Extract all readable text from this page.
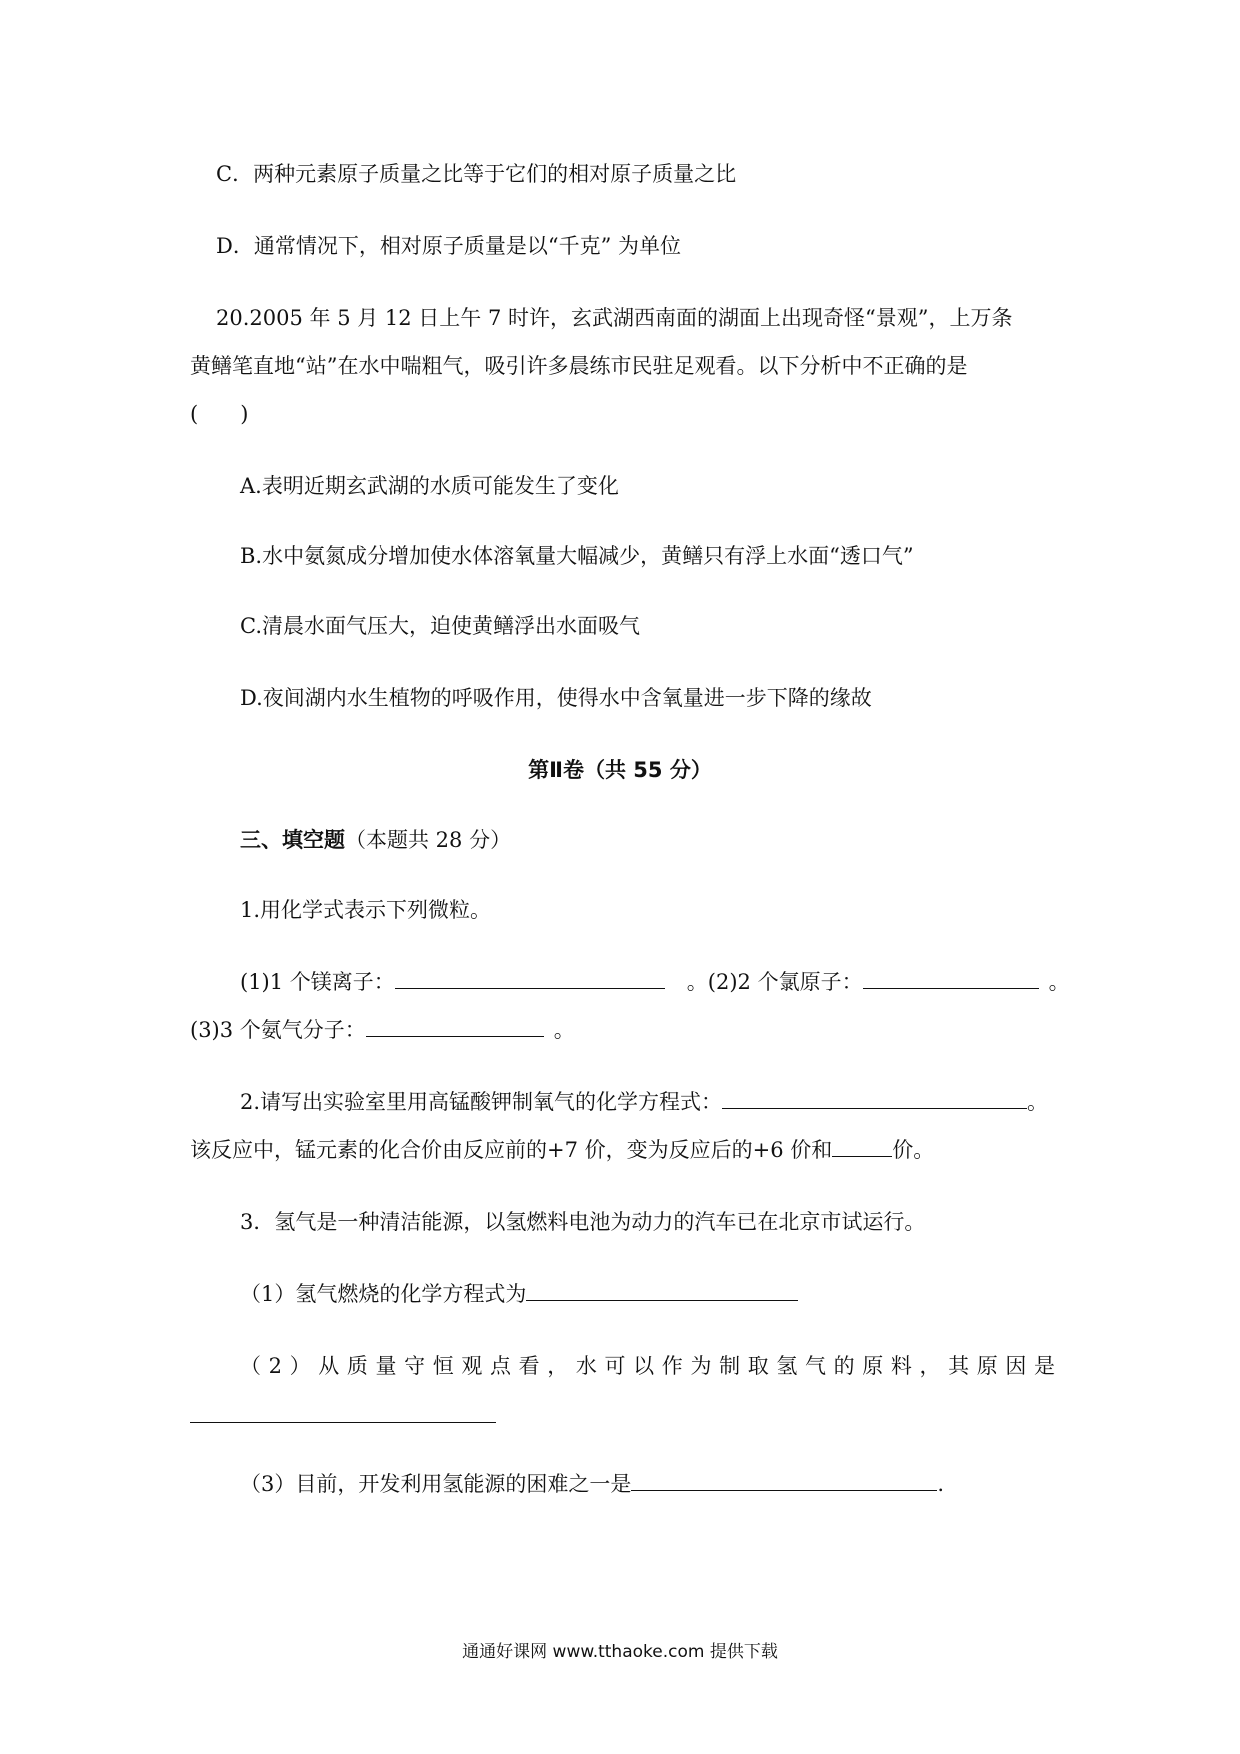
C．两种元素原子质量之比等于它们的相对原子质量之比
D．通常情况下，相对原子质量是以“千克” 为单位
20.2005 年 5 月 12 日上午 7 时许，玄武湖西南面的湖面上出现奇怪“景观”，上万条
黄鳝笔直地“站”在水中喘粗气，吸引许多晨练市民驻足观看。以下分析中不正确的是
(　　)
A.表明近期玄武湖的水质可能发生了变化
B.水中氨氮成分增加使水体溶氧量大幅减少，黄鳝只有浮上水面“透口气”
C.清晨水面气压大，迫使黄鳝浮出水面吸气
D.夜间湖内水生植物的呼吸作用，使得水中含氧量进一步下降的缘故
第Ⅱ卷（共 55 分）
三、填空题（本题共 28 分）
1.用化学式表示下列微粒。
(1)1 个镁离子：	。(2)2 个氯原子：	。
(3)3 个氨气分子：	。
2.请写出实验室里用高锰酸钾制氧气的化学方程式：	。
该反应中，锰元素的化合价由反应前的+7 价，变为反应后的+6 价和	价。
3．氢气是一种清洁能源，以氢燃料电池为动力的汽车已在北京市试运行。
（1）氢气燃烧的化学方程式为
（2）从质量守恒观点看，水可以作为制取氢气的原料，其原因是
（3）目前，开发利用氢能源的困难之一是	.
通通好课网 www.tthaoke.com 提供下载
